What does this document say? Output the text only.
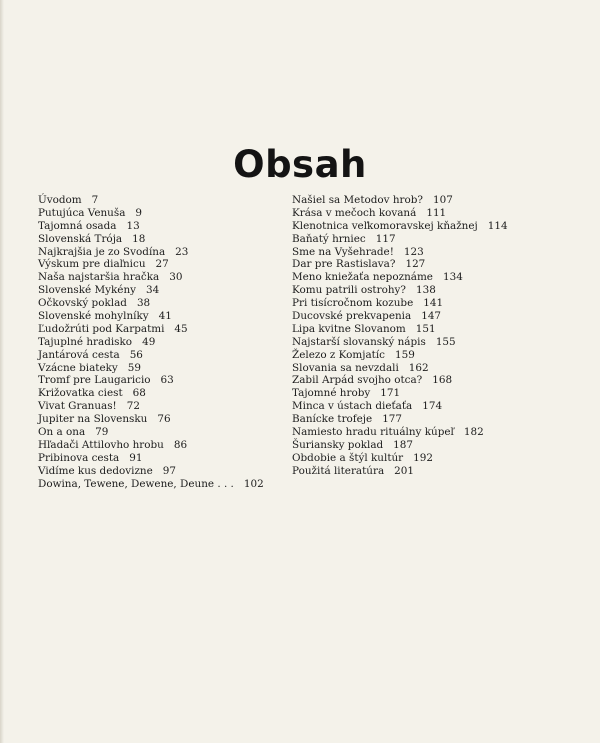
Obsah
Úvodom 7
Putujúca Venuša 9
Tajomná osada 13
Slovenská Trója 18
Najkrajšia je zo Svodína 23
Výskum pre diaľnicu 27
Naša najstaršia hračka 30
Slovenské Mykény 34
Očkovský poklad 38
Slovenské mohylníky 41
Ľudožrúti pod Karpatmi 45
Tajuplné hradisko 49
Jantárová cesta 56
Vzácne biateky 59
Tromf pre Laugaricio 63
Križovatka ciest 68
Vivat Granuas! 72
Jupiter na Slovensku 76
On a ona 79
Hľadači Attilovho hrobu 86
Pribinova cesta 91
Vidíme kus dedovizne 97
Dowina, Tewene, Dewene, Deune . . . 102
Našiel sa Metodov hrob? 107
Krása v mečoch kovaná 111
Klenotnica veľkomoravskej kňažnej 114
Baňatý hrniec 117
Sme na Vyšehrade! 123
Dar pre Rastislava? 127
Meno kniežaťa nepoznáme 134
Komu patrili ostrohy? 138
Pri tisícročnom kozube 141
Ducovské prekvapenia 147
Lipa kvitne Slovanom 151
Najstarší slovanský nápis 155
Železo z Komjatíc 159
Slovania sa nevzdali 162
Zabil Arpád svojho otca? 168
Tajomné hroby 171
Minca v ústach dieťaťa 174
Banícke trofeje 177
Namiesto hradu rituálny kúpeľ 182
Šuriansky poklad 187
Obdobie a štýl kultúr 192
Použitá literatúra 201
